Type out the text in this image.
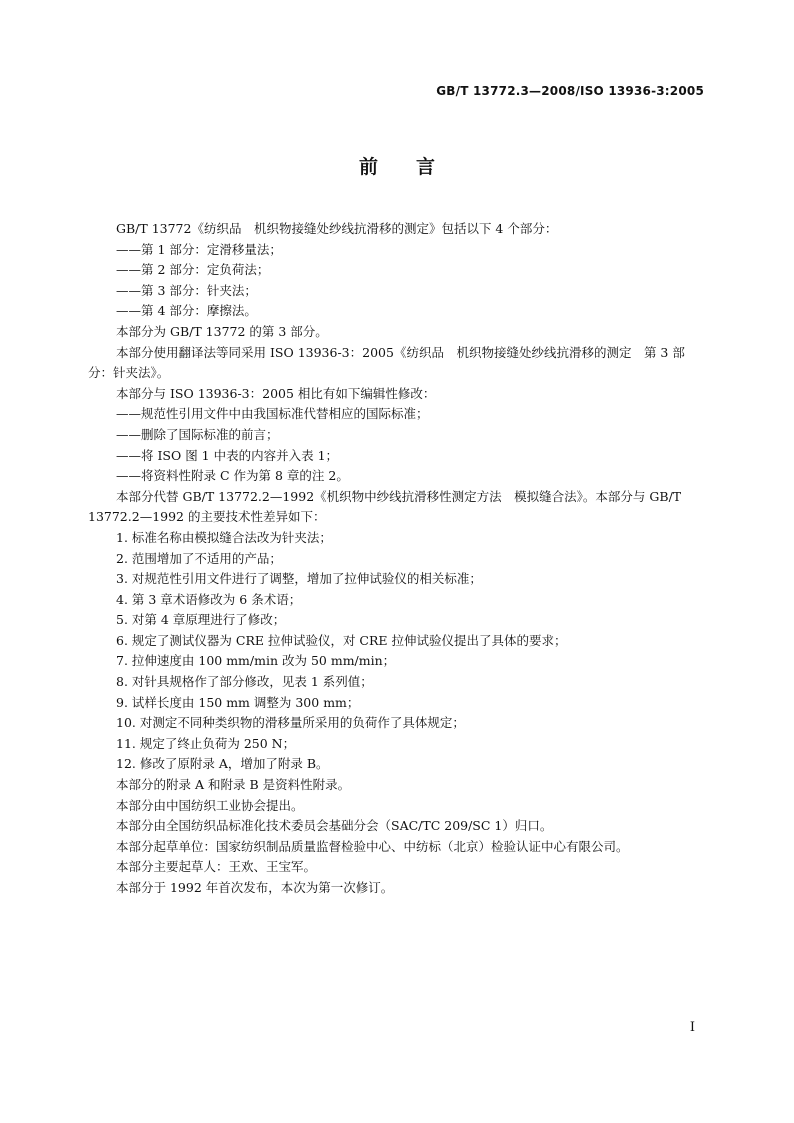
GB/T 13772.3—2008/ISO 13936-3:2005
前言

GB/T 13772《纺织品　机织物接缝处纱线抗滑移的测定》包括以下 4 个部分：

——第 1 部分：定滑移量法；

——第 2 部分：定负荷法；

——第 3 部分：针夹法；

——第 4 部分：摩擦法。

本部分为 GB/T 13772 的第 3 部分。

本部分使用翻译法等同采用 ISO 13936-3：2005《纺织品　机织物接缝处纱线抗滑移的测定　第 3 部分：针夹法》。

本部分与 ISO 13936-3：2005 相比有如下编辑性修改：

——规范性引用文件中由我国标准代替相应的国际标准；

——删除了国际标准的前言；

——将 ISO 图 1 中表的内容并入表 1；

——将资料性附录 C 作为第 8 章的注 2。

本部分代替 GB/T 13772.2—1992《机织物中纱线抗滑移性测定方法　模拟缝合法》。本部分与 GB/T 13772.2—1992 的主要技术性差异如下：

1. 标准名称由模拟缝合法改为针夹法；

2. 范围增加了不适用的产品；

3. 对规范性引用文件进行了调整，增加了拉伸试验仪的相关标准；

4. 第 3 章术语修改为 6 条术语；

5. 对第 4 章原理进行了修改；

6. 规定了测试仪器为 CRE 拉伸试验仪，对 CRE 拉伸试验仪提出了具体的要求；

7. 拉伸速度由 100 mm/min 改为 50 mm/min；

8. 对针具规格作了部分修改，见表 1 系列值；

9. 试样长度由 150 mm 调整为 300 mm；

10. 对测定不同种类织物的滑移量所采用的负荷作了具体规定；

11. 规定了终止负荷为 250 N；

12. 修改了原附录 A，增加了附录 B。

本部分的附录 A 和附录 B 是资料性附录。

本部分由中国纺织工业协会提出。

本部分由全国纺织品标准化技术委员会基础分会（SAC/TC 209/SC 1）归口。

本部分起草单位：国家纺织制品质量监督检验中心、中纺标（北京）检验认证中心有限公司。

本部分主要起草人：王欢、王宝军。

本部分于 1992 年首次发布，本次为第一次修订。

I
